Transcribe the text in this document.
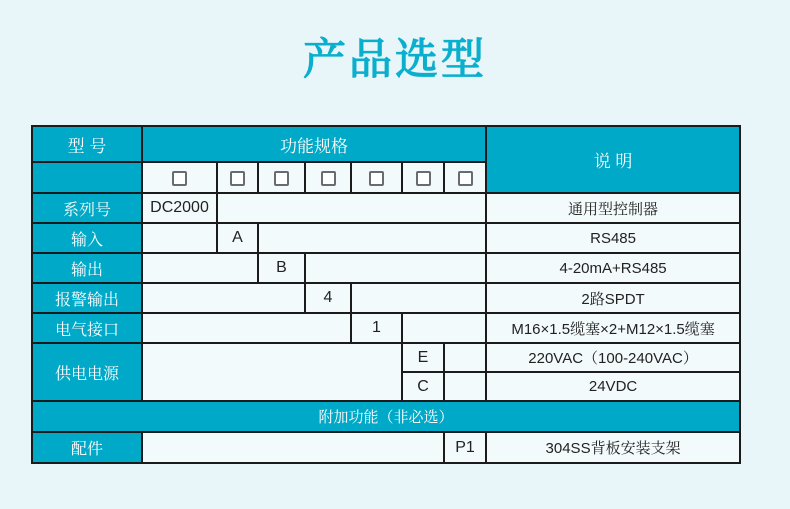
产品选型
型 号	功能规格							说 明

系列号	DC2000							通用型控制器
输入		A						RS485
输出			B					4-20mA+RS485
报警输出				4				2路SPDT
电气接口					1			M16×1.5缆塞×2+M12×1.5缆塞
供电电源						E		220VAC（100-240VAC）
						C		24VDC
附加功能（非必选）								
配件							P1	304SS背板安装支架
